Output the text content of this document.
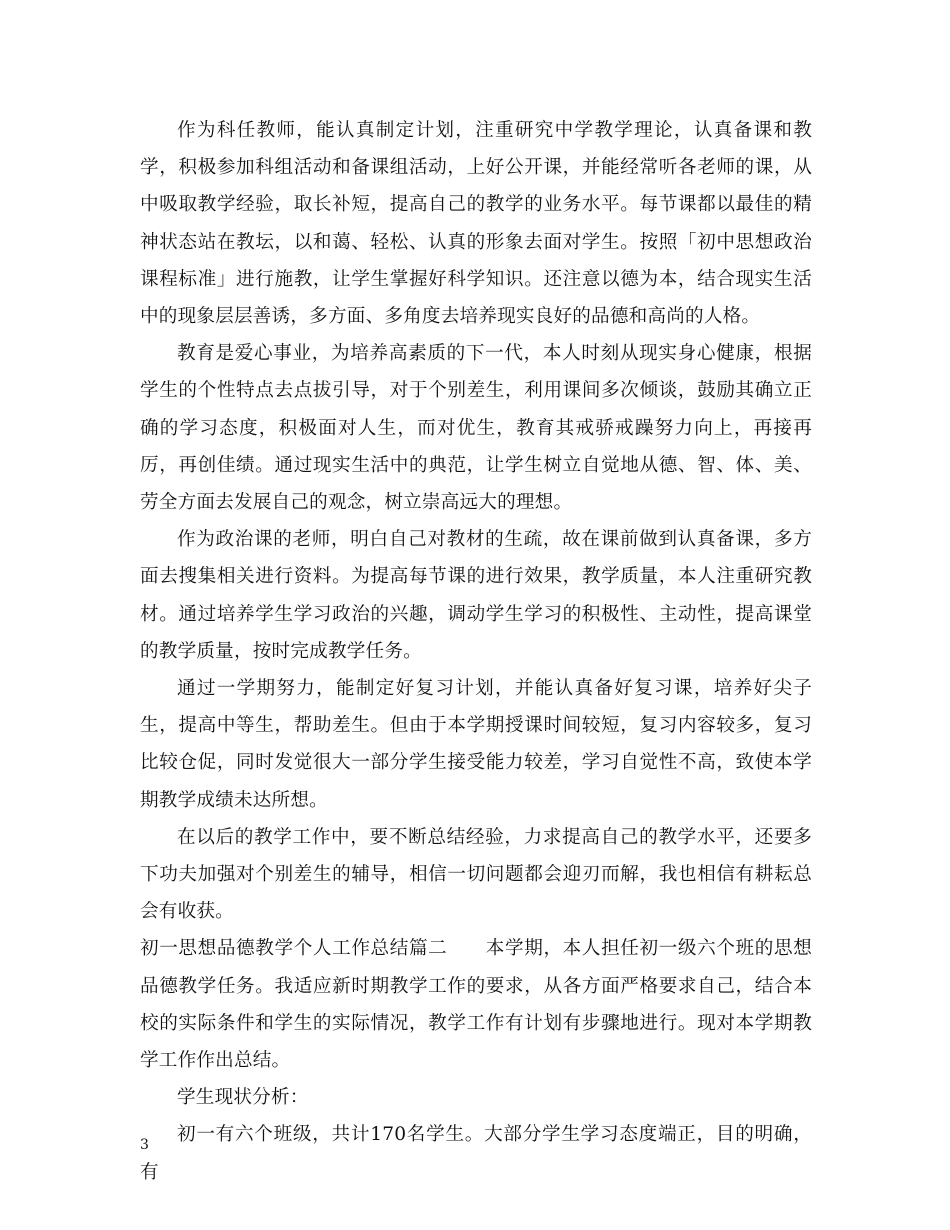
作为科任教师，能认真制定计划，注重研究中学教学理论，认真备课和教学，积极参加科组活动和备课组活动，上好公开课，并能经常听各老师的课，从中吸取教学经验，取长补短，提高自己的教学的业务水平。每节课都以最佳的精神状态站在教坛，以和蔼、轻松、认真的形象去面对学生。按照「初中思想政治课程标准」进行施教，让学生掌握好科学知识。还注意以德为本，结合现实生活中的现象层层善诱，多方面、多角度去培养现实良好的品德和高尚的人格。

教育是爱心事业，为培养高素质的下一代，本人时刻从现实身心健康，根据学生的个性特点去点拔引导，对于个别差生，利用课间多次倾谈，鼓励其确立正确的学习态度，积极面对人生，而对优生，教育其戒骄戒躁努力向上，再接再厉，再创佳绩。通过现实生活中的典范，让学生树立自觉地从德、智、体、美、劳全方面去发展自己的观念，树立崇高远大的理想。

作为政治课的老师，明白自己对教材的生疏，故在课前做到认真备课，多方面去搜集相关进行资料。为提高每节课的进行效果，教学质量，本人注重研究教材。通过培养学生学习政治的兴趣，调动学生学习的积极性、主动性，提高课堂的教学质量，按时完成教学任务。

通过一学期努力，能制定好复习计划，并能认真备好复习课，培养好尖子生，提高中等生，帮助差生。但由于本学期授课时间较短，复习内容较多，复习比较仓促，同时发觉很大一部分学生接受能力较差，学习自觉性不高，致使本学期教学成绩未达所想。

在以后的教学工作中，要不断总结经验，力求提高自己的教学水平，还要多下功夫加强对个别差生的辅导，相信一切问题都会迎刃而解，我也相信有耕耘总会有收获。

初一思想品德教学个人工作总结篇二　　本学期，本人担任初一级六个班的思想品德教学任务。我适应新时期教学工作的要求，从各方面严格要求自己，结合本校的实际条件和学生的实际情况，教学工作有计划有步骤地进行。现对本学期教学工作作出总结。

学生现状分析：

初一有六个班级，共计170名学生。大部分学生学习态度端正，目的明确，有

3
